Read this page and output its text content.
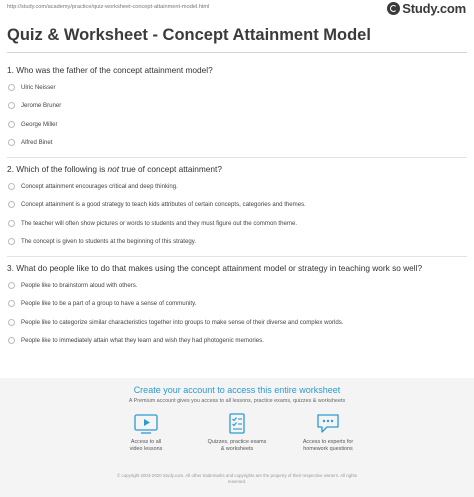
http://study.com/academy/practice/quiz-worksheet-concept-attainment-model.html	Study.com
Quiz & Worksheet - Concept Attainment Model
1. Who was the father of the concept attainment model?
Ulric Neisser
Jerome Bruner
George Miller
Alfred Binet
2. Which of the following is not true of concept attainment?
Concept attainment encourages critical and deep thinking.
Concept attainment is a good strategy to teach kids attributes of certain concepts, categories and themes.
The teacher will often show pictures or words to students and they must figure out the common theme.
The concept is given to students at the beginning of this strategy.
3. What do people like to do that makes using the concept attainment model or strategy in teaching work so well?
People like to brainstorm aloud with others.
People like to be a part of a group to have a sense of community.
People like to categorize similar characteristics together into groups to make sense of their diverse and complex worlds.
People like to immediately attain what they learn and wish they had photogenic memories.
Create your account to access this entire worksheet
A Premium account gives you access to all lessons, practice exams, quizzes & worksheets
Access to all
video lessons
Quizzes, practice exams
& worksheets
Access to experts for
homework questions
© copyright 2003-2020 Study.com. All other trademarks and copyrights are the property of their respective owners. All rights
reserved.
